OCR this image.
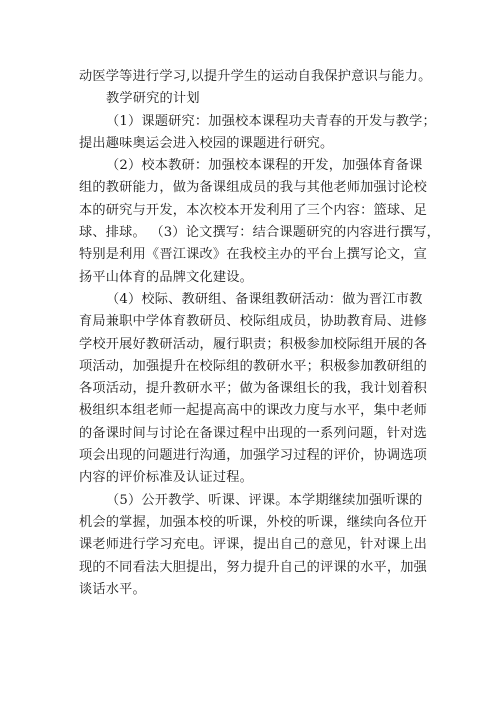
动医学等进行学习,以提升学生的运动自我保护意识与能力。
教学研究的计划
（1）课题研究：加强校本课程功夫青春的开发与教学；
提出趣味奥运会进入校园的课题进行研究。
（2）校本教研：加强校本课程的开发，加强体育备课
组的教研能力，做为备课组成员的我与其他老师加强讨论校
本的研究与开发，本次校本开发利用了三个内容：篮球、足
球、排球。 （3）论文撰写：结合课题研究的内容进行撰写，
特别是利用《晋江课改》在我校主办的平台上撰写论文，宣
扬平山体育的品牌文化建设。
（4）校际、教研组、备课组教研活动：做为晋江市教
育局兼职中学体育教研员、校际组成员，协助教育局、进修
学校开展好教研活动，履行职责；积极参加校际组开展的各
项活动，加强提升在校际组的教研水平；积极参加教研组的
各项活动，提升教研水平；做为备课组长的我，我计划着积
极组织本组老师一起提高高中的课改力度与水平，集中老师
的备课时间与讨论在备课过程中出现的一系列问题，针对选
项会出现的问题进行沟通，加强学习过程的评价，协调选项
内容的评价标准及认证过程。
（5）公开教学、听课、评课。本学期继续加强听课的
机会的掌握，加强本校的听课，外校的听课，继续向各位开
课老师进行学习充电。评课，提出自己的意见，针对课上出
现的不同看法大胆提出，努力提升自己的评课的水平，加强
谈话水平。
